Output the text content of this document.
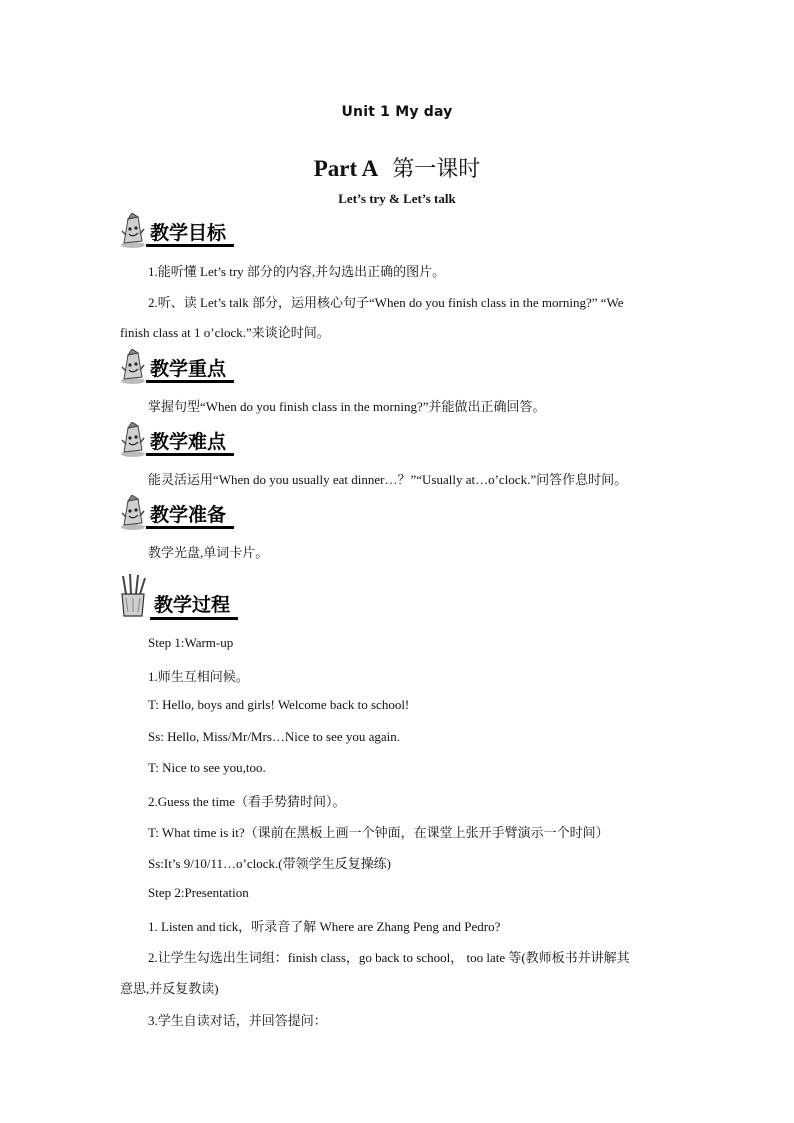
Unit 1 My day
Part A 第一课时
Let’s try & Let’s talk
教学目标
1.能听懂 Let’s try 部分的内容,并勾选出正确的图片。
2.听、读 Let’s talk 部分，运用核心句子“When do you finish class in the morning?” “We
finish class at 1 o’clock.”来谈论时间。
教学重点
掌握句型“When do you finish class in the morning?”并能做出正确回答。
教学难点
能灵活运用“When do you usually eat dinner…？”“Usually at…o’clock.”问答作息时间。
教学准备
教学光盘,单词卡片。
教学过程
Step 1:Warm-up
1.师生互相问候。
T: Hello, boys and girls! Welcome back to school!
Ss: Hello, Miss/Mr/Mrs…Nice to see you again.
T: Nice to see you,too.
2.Guess the time（看手势猜时间）。
T: What time is it?（课前在黑板上画一个钟面，在课堂上张开手臂演示一个时间）
Ss:It’s 9/10/11…o’clock.(带领学生反复操练)
Step 2:Presentation
1. Listen and tick，听录音了解 Where are Zhang Peng and Pedro?
2.让学生勾选出生词组：finish class，go back to school， too late 等(教师板书并讲解其
意思,并反复教读)
3.学生自读对话，并回答提问：
